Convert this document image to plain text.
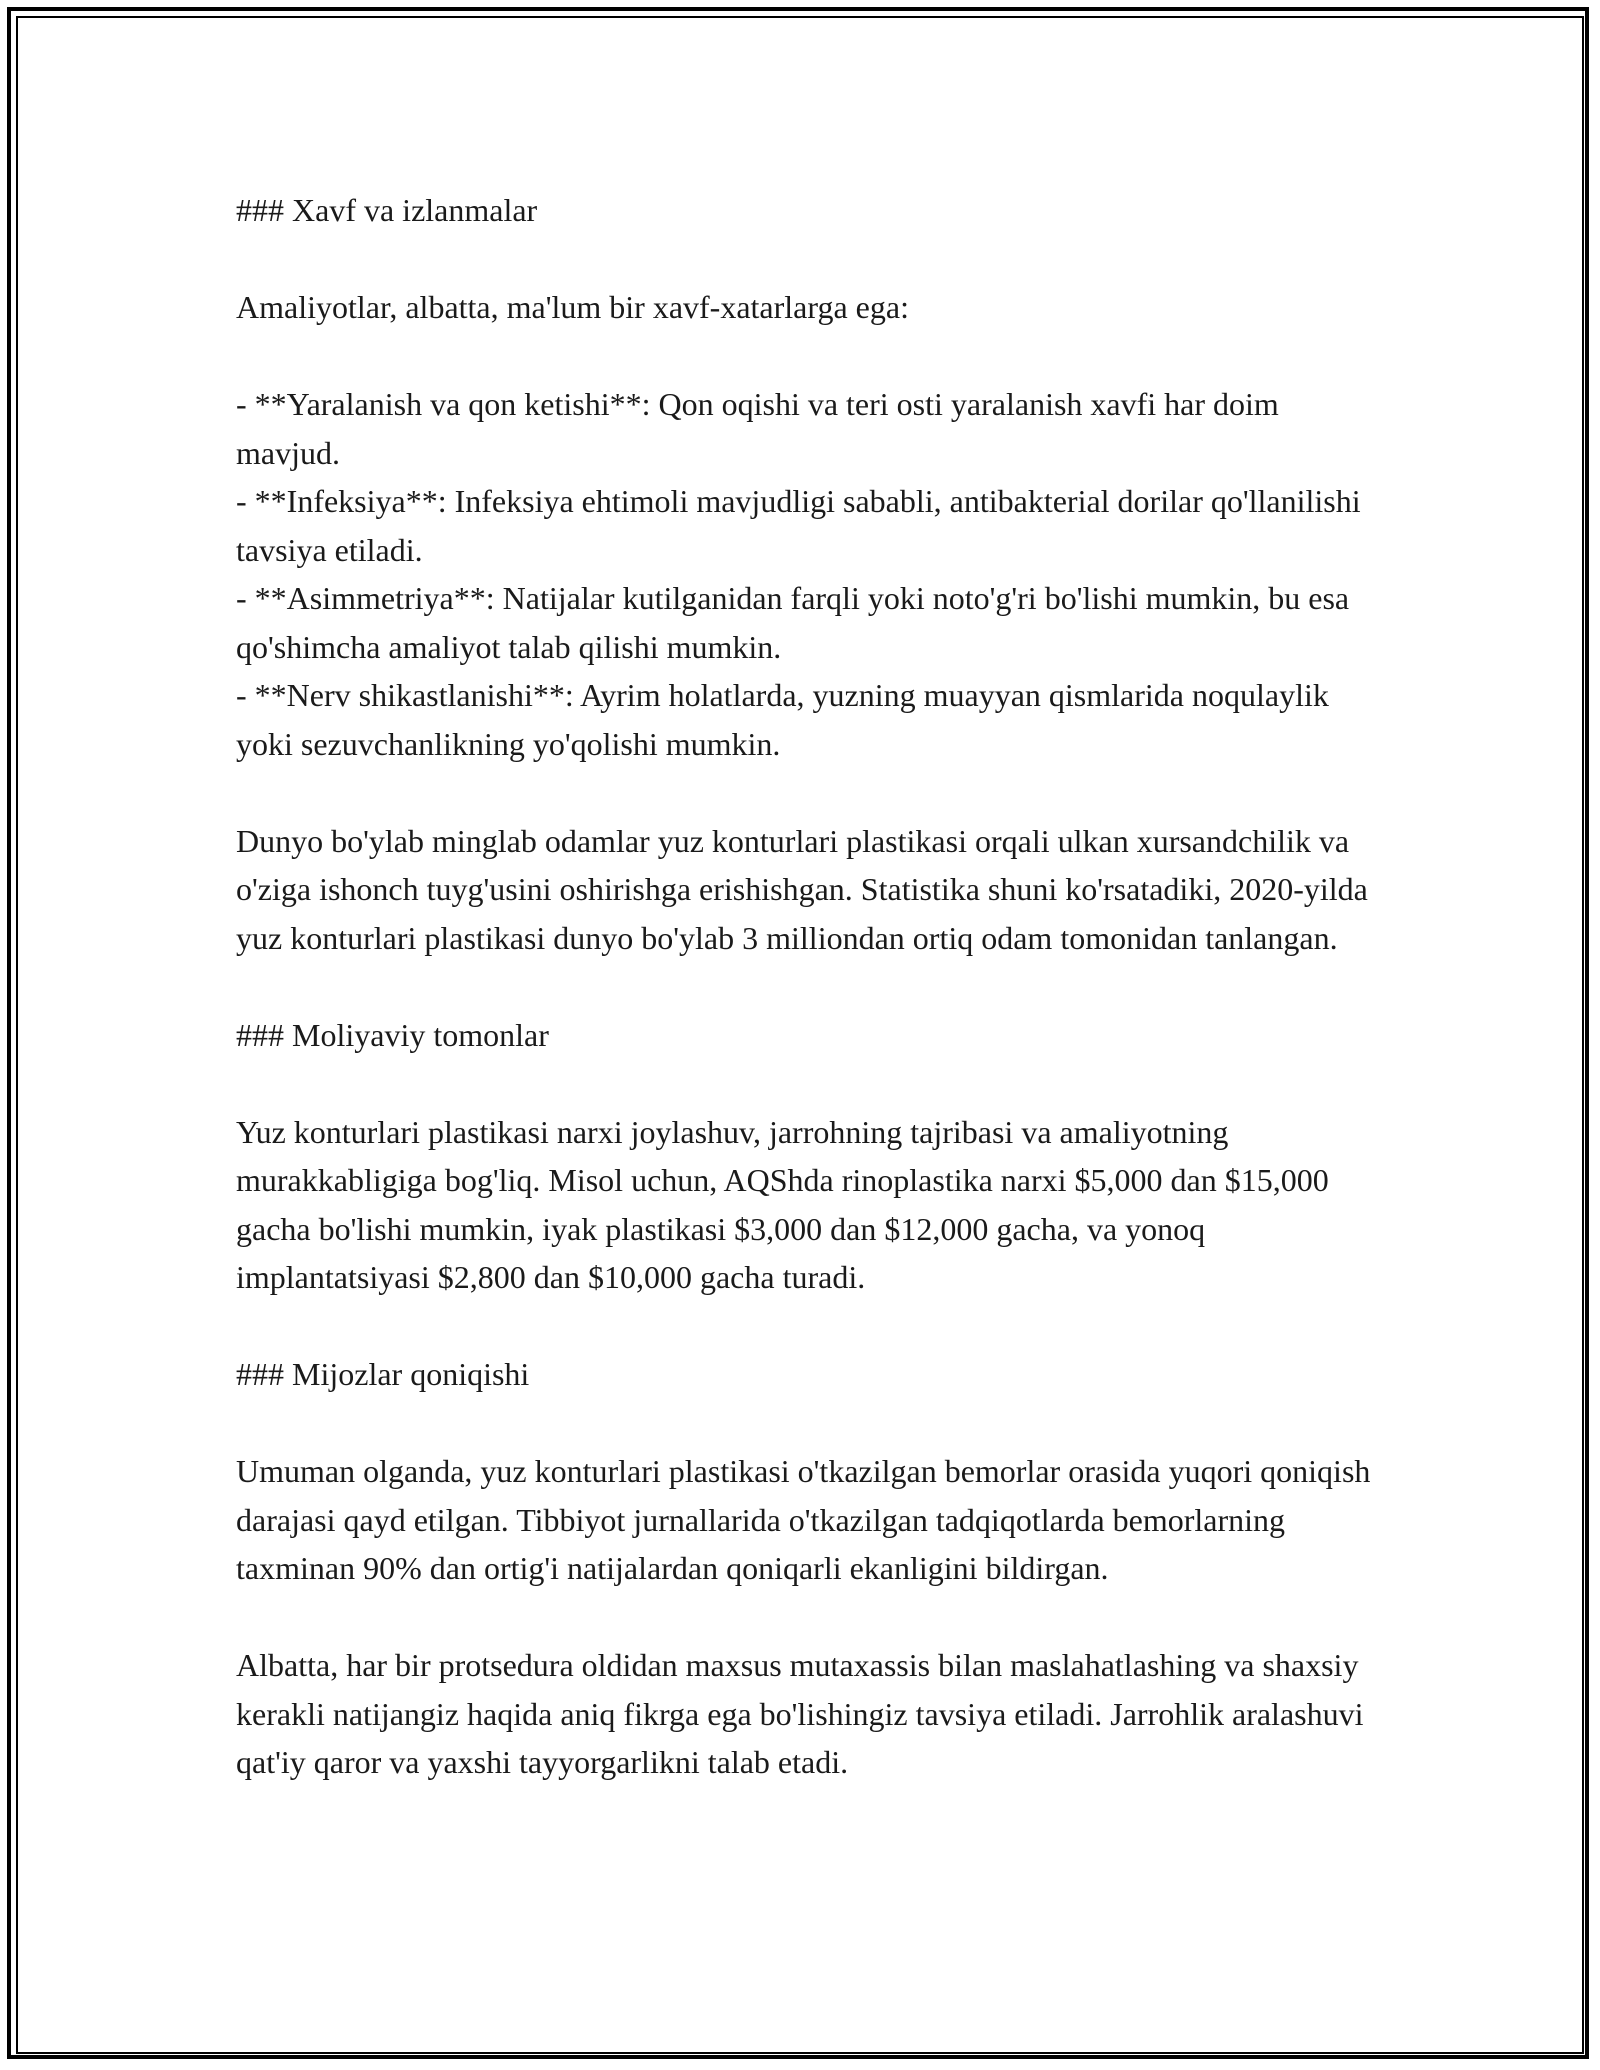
### Xavf va izlanmalar

Amaliyotlar, albatta, ma'lum bir xavf-xatarlarga ega:

- **Yaralanish va qon ketishi**: Qon oqishi va teri osti yaralanish xavfi har doim mavjud.

- **Infeksiya**: Infeksiya ehtimoli mavjudligi sababli, antibakterial dorilar qo'llanilishi tavsiya etiladi.

- **Asimmetriya**: Natijalar kutilganidan farqli yoki noto'g'ri bo'lishi mumkin, bu esa qo'shimcha amaliyot talab qilishi mumkin.

- **Nerv shikastlanishi**: Ayrim holatlarda, yuzning muayyan qismlarida noqulaylik yoki sezuvchanlikning yo'qolishi mumkin.

Dunyo bo'ylab minglab odamlar yuz konturlari plastikasi orqali ulkan xursandchilik va o'ziga ishonch tuyg'usini oshirishga erishishgan. Statistika shuni ko'rsatadiki, 2020-yilda yuz konturlari plastikasi dunyo bo'ylab 3 milliondan ortiq odam tomonidan tanlangan.

### Moliyaviy tomonlar

Yuz konturlari plastikasi narxi joylashuv, jarrohning tajribasi va amaliyotning murakkabligiga bog'liq. Misol uchun, AQShda rinoplastika narxi $5,000 dan $15,000 gacha bo'lishi mumkin, iyak plastikasi $3,000 dan $12,000 gacha, va yonoq implantatsiyasi $2,800 dan $10,000 gacha turadi.

### Mijozlar qoniqishi

Umuman olganda, yuz konturlari plastikasi o'tkazilgan bemorlar orasida yuqori qoniqish darajasi qayd etilgan. Tibbiyot jurnallarida o'tkazilgan tadqiqotlarda bemorlarning taxminan 90% dan ortig'i natijalardan qoniqarli ekanligini bildirgan.

Albatta, har bir protsedura oldidan maxsus mutaxassis bilan maslahatlashing va shaxsiy kerakli natijangiz haqida aniq fikrga ega bo'lishingiz tavsiya etiladi. Jarrohlik aralashuvi qat'iy qaror va yaxshi tayyorgarlikni talab etadi.
